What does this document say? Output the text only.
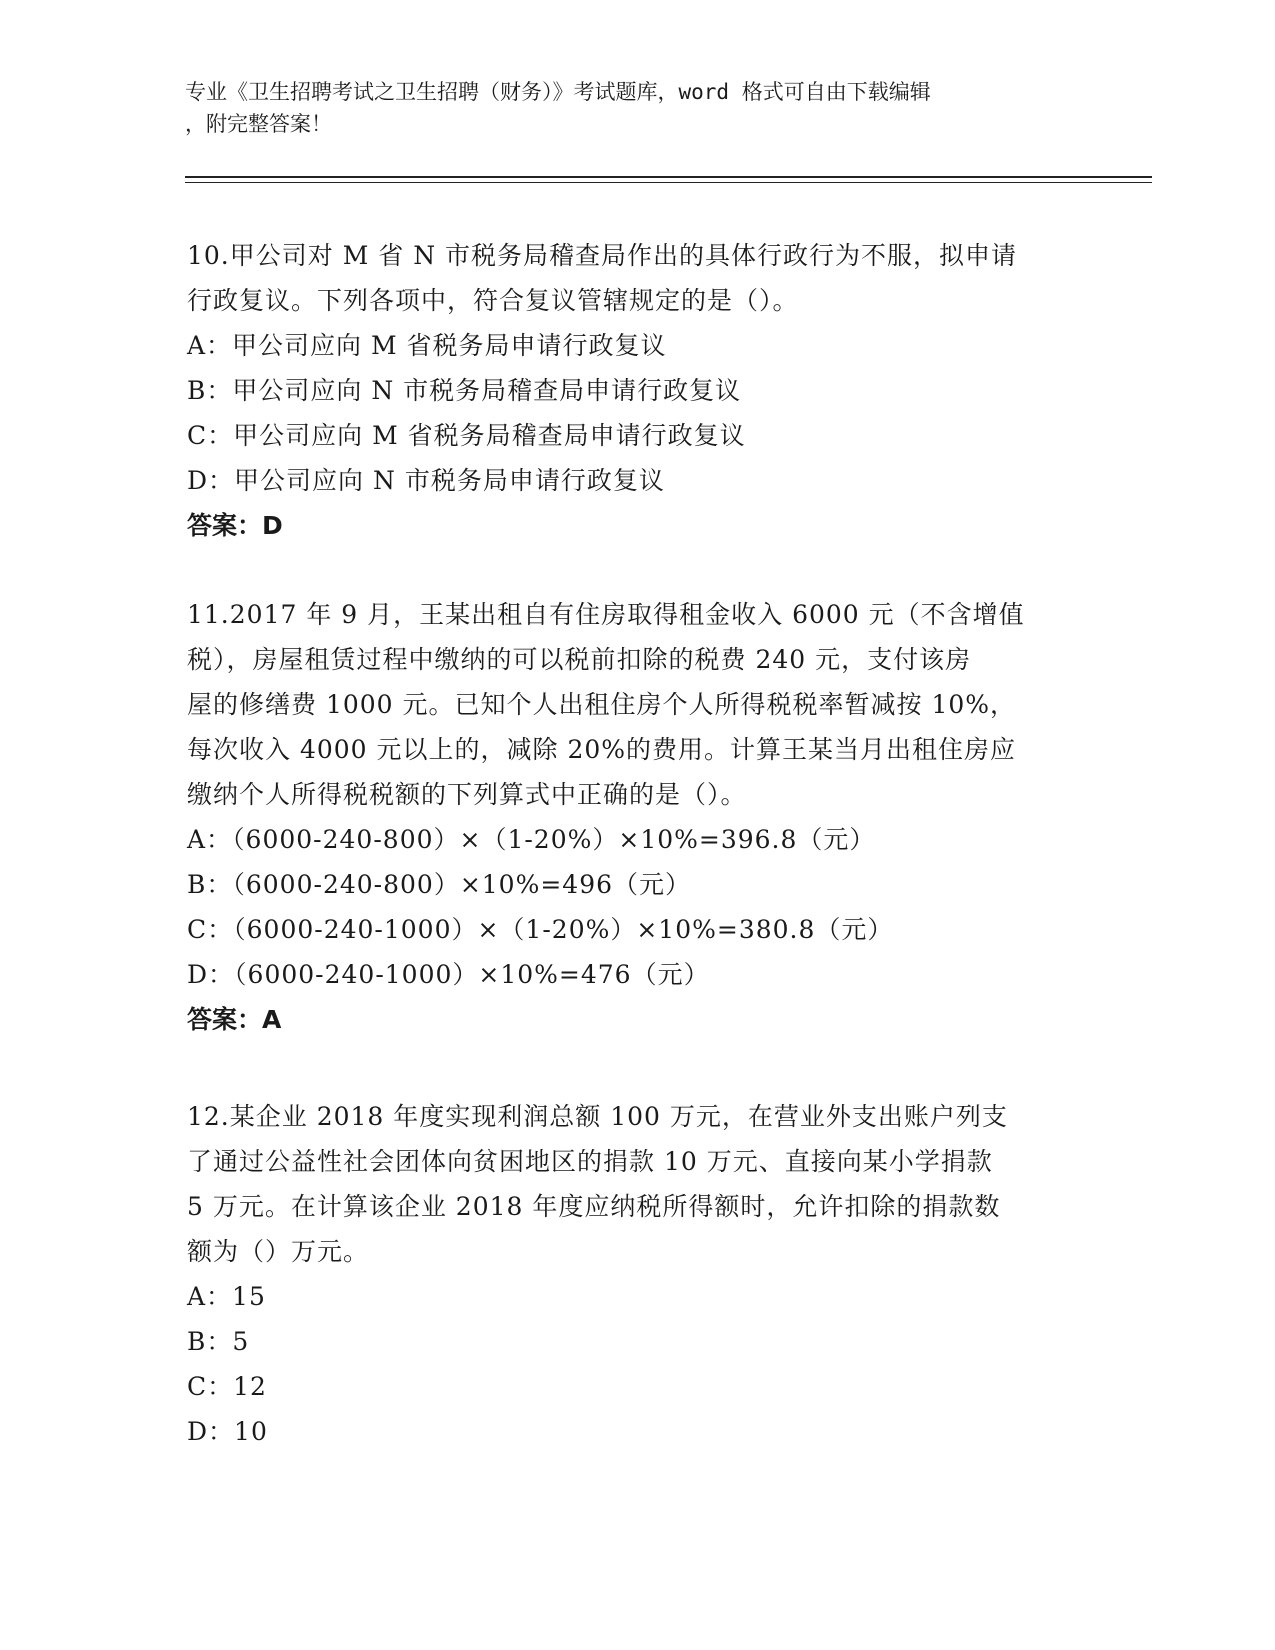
专业《卫生招聘考试之卫生招聘（财务）》考试题库，word 格式可自由下载编辑
，附完整答案！
10.甲公司对 M 省 N 市税务局稽查局作出的具体行政行为不服，拟申请
行政复议。下列各项中，符合复议管辖规定的是（）。
A：甲公司应向 M 省税务局申请行政复议
B：甲公司应向 N 市税务局稽查局申请行政复议
C：甲公司应向 M 省税务局稽查局申请行政复议
D：甲公司应向 N 市税务局申请行政复议
答案：D
11.2017 年 9 月，王某出租自有住房取得租金收入 6000 元（不含增值
税），房屋租赁过程中缴纳的可以税前扣除的税费 240 元，支付该房
屋的修缮费 1000 元。已知个人出租住房个人所得税税率暂减按 10%，
每次收入 4000 元以上的，减除 20%的费用。计算王某当月出租住房应
缴纳个人所得税税额的下列算式中正确的是（）。
A：（6000-240-800）×（1-20%）×10%=396.8（元）
B：（6000-240-800）×10%=496（元）
C：（6000-240-1000）×（1-20%）×10%=380.8（元）
D：（6000-240-1000）×10%=476（元）
答案：A
12.某企业 2018 年度实现利润总额 100 万元，在营业外支出账户列支
了通过公益性社会团体向贫困地区的捐款 10 万元、直接向某小学捐款
5 万元。在计算该企业 2018 年度应纳税所得额时，允许扣除的捐款数
额为（）万元。
A：15
B：5
C：12
D：10
